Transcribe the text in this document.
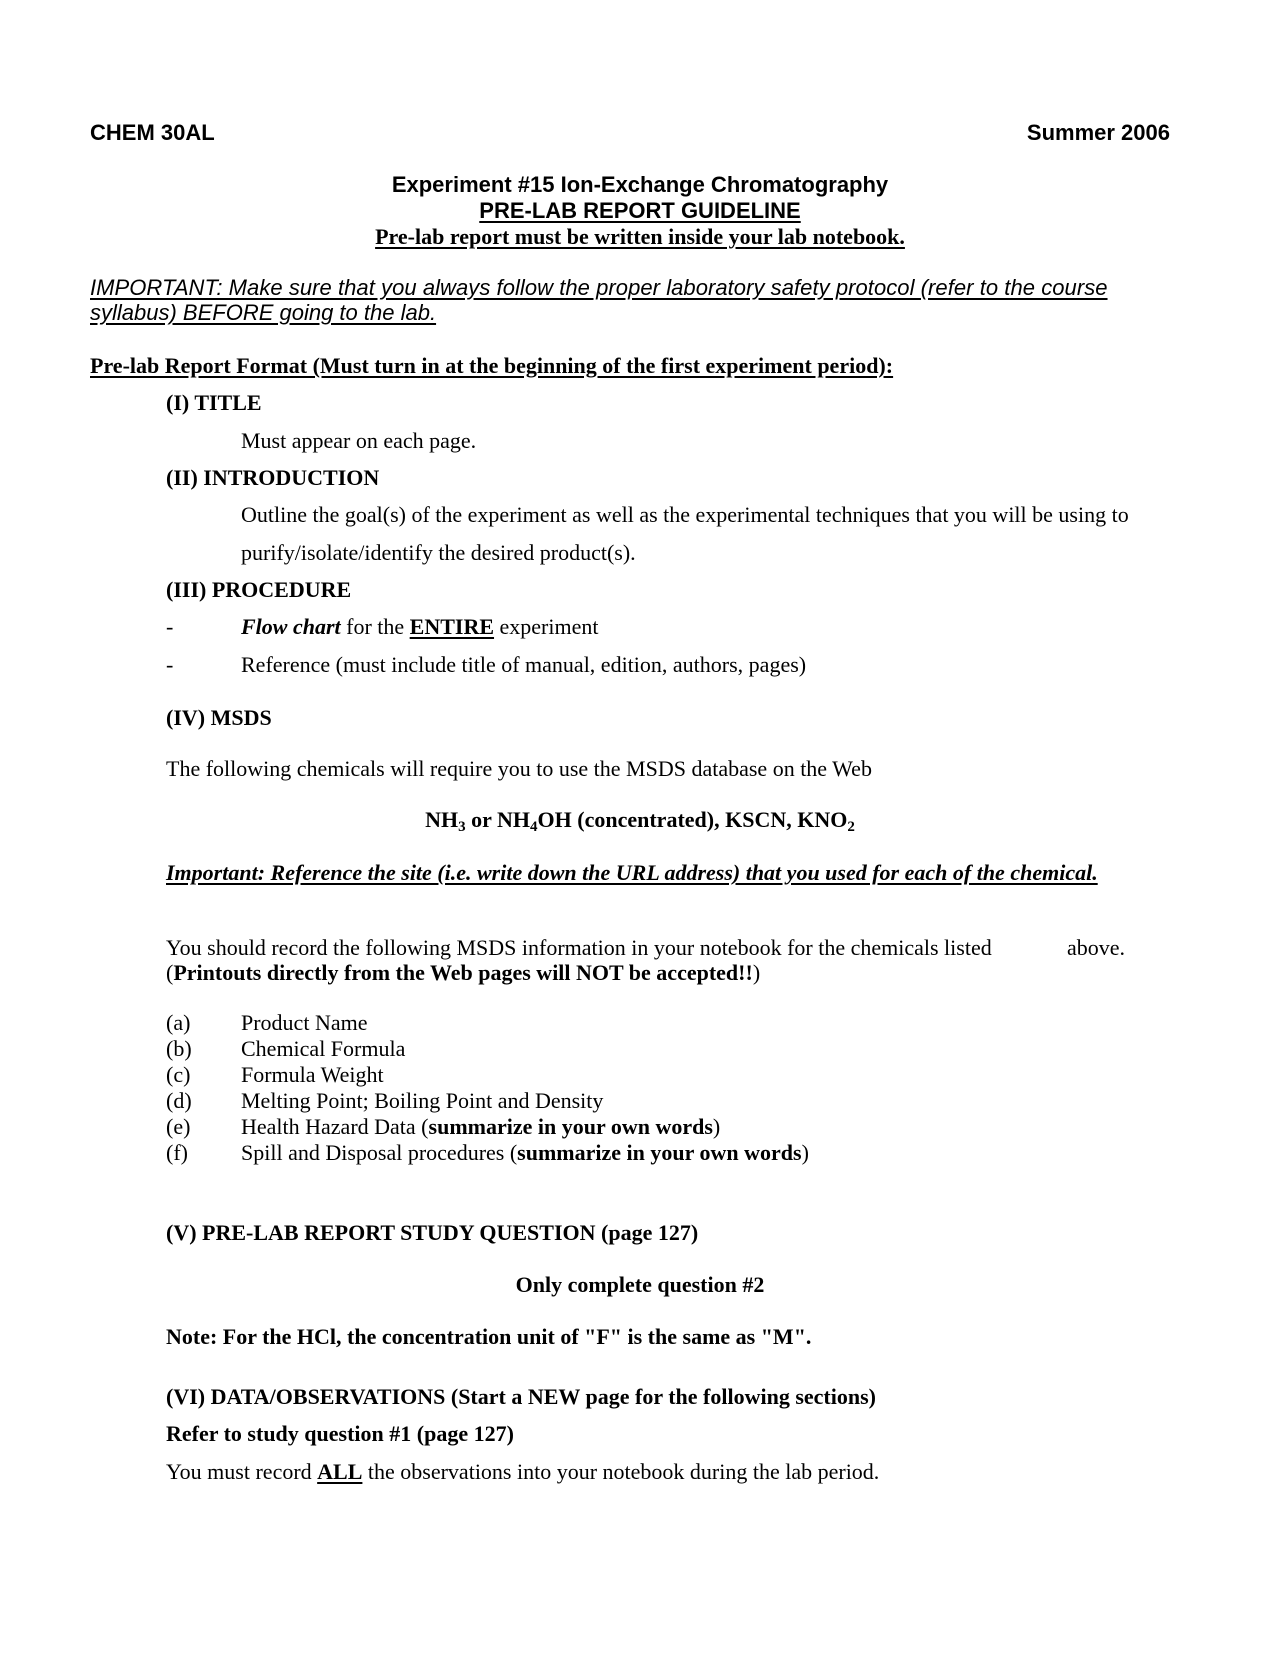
CHEM 30AL	Summer 2006
Experiment #15 Ion-Exchange Chromatography
PRE-LAB REPORT GUIDELINE
Pre-lab report must be written inside your lab notebook.
IMPORTANT: Make sure that you always follow the proper laboratory safety protocol (refer to the course
syllabus) BEFORE going to the lab.
Pre-lab Report Format (Must turn in at the beginning of the first experiment period):
(I) TITLE
Must appear on each page.
(II) INTRODUCTION
Outline the goal(s) of the experiment as well as the experimental techniques that you will be using to
purify/isolate/identify the desired product(s).
(III) PROCEDURE
-	Flow chart for the ENTIRE experiment
-	Reference (must include title of manual, edition, authors, pages)
(IV) MSDS
The following chemicals will require you to use the MSDS database on the Web
$NH_3$ or $NH_4OH$ (concentrated), KSCN, $KNO_2$
Important: Reference the site (i.e. write down the URL address) that you used for each of the chemical.
You should record the following MSDS information in your notebook for the chemicals listed	above.
(Printouts directly from the Web pages will NOT be accepted!!)
(a) Product Name
(b) Chemical Formula
(c) Formula Weight
(d) Melting Point; Boiling Point and Density
(e) Health Hazard Data (summarize in your own words)
(f) Spill and Disposal procedures (summarize in your own words)
(V) PRE-LAB REPORT STUDY QUESTION (page 127)
Only complete question #2
Note: For the HCl, the concentration unit of "F" is the same as "M".
(VI) DATA/OBSERVATIONS (Start a NEW page for the following sections)
Refer to study question #1 (page 127)
You must record ALL the observations into your notebook during the lab period.
